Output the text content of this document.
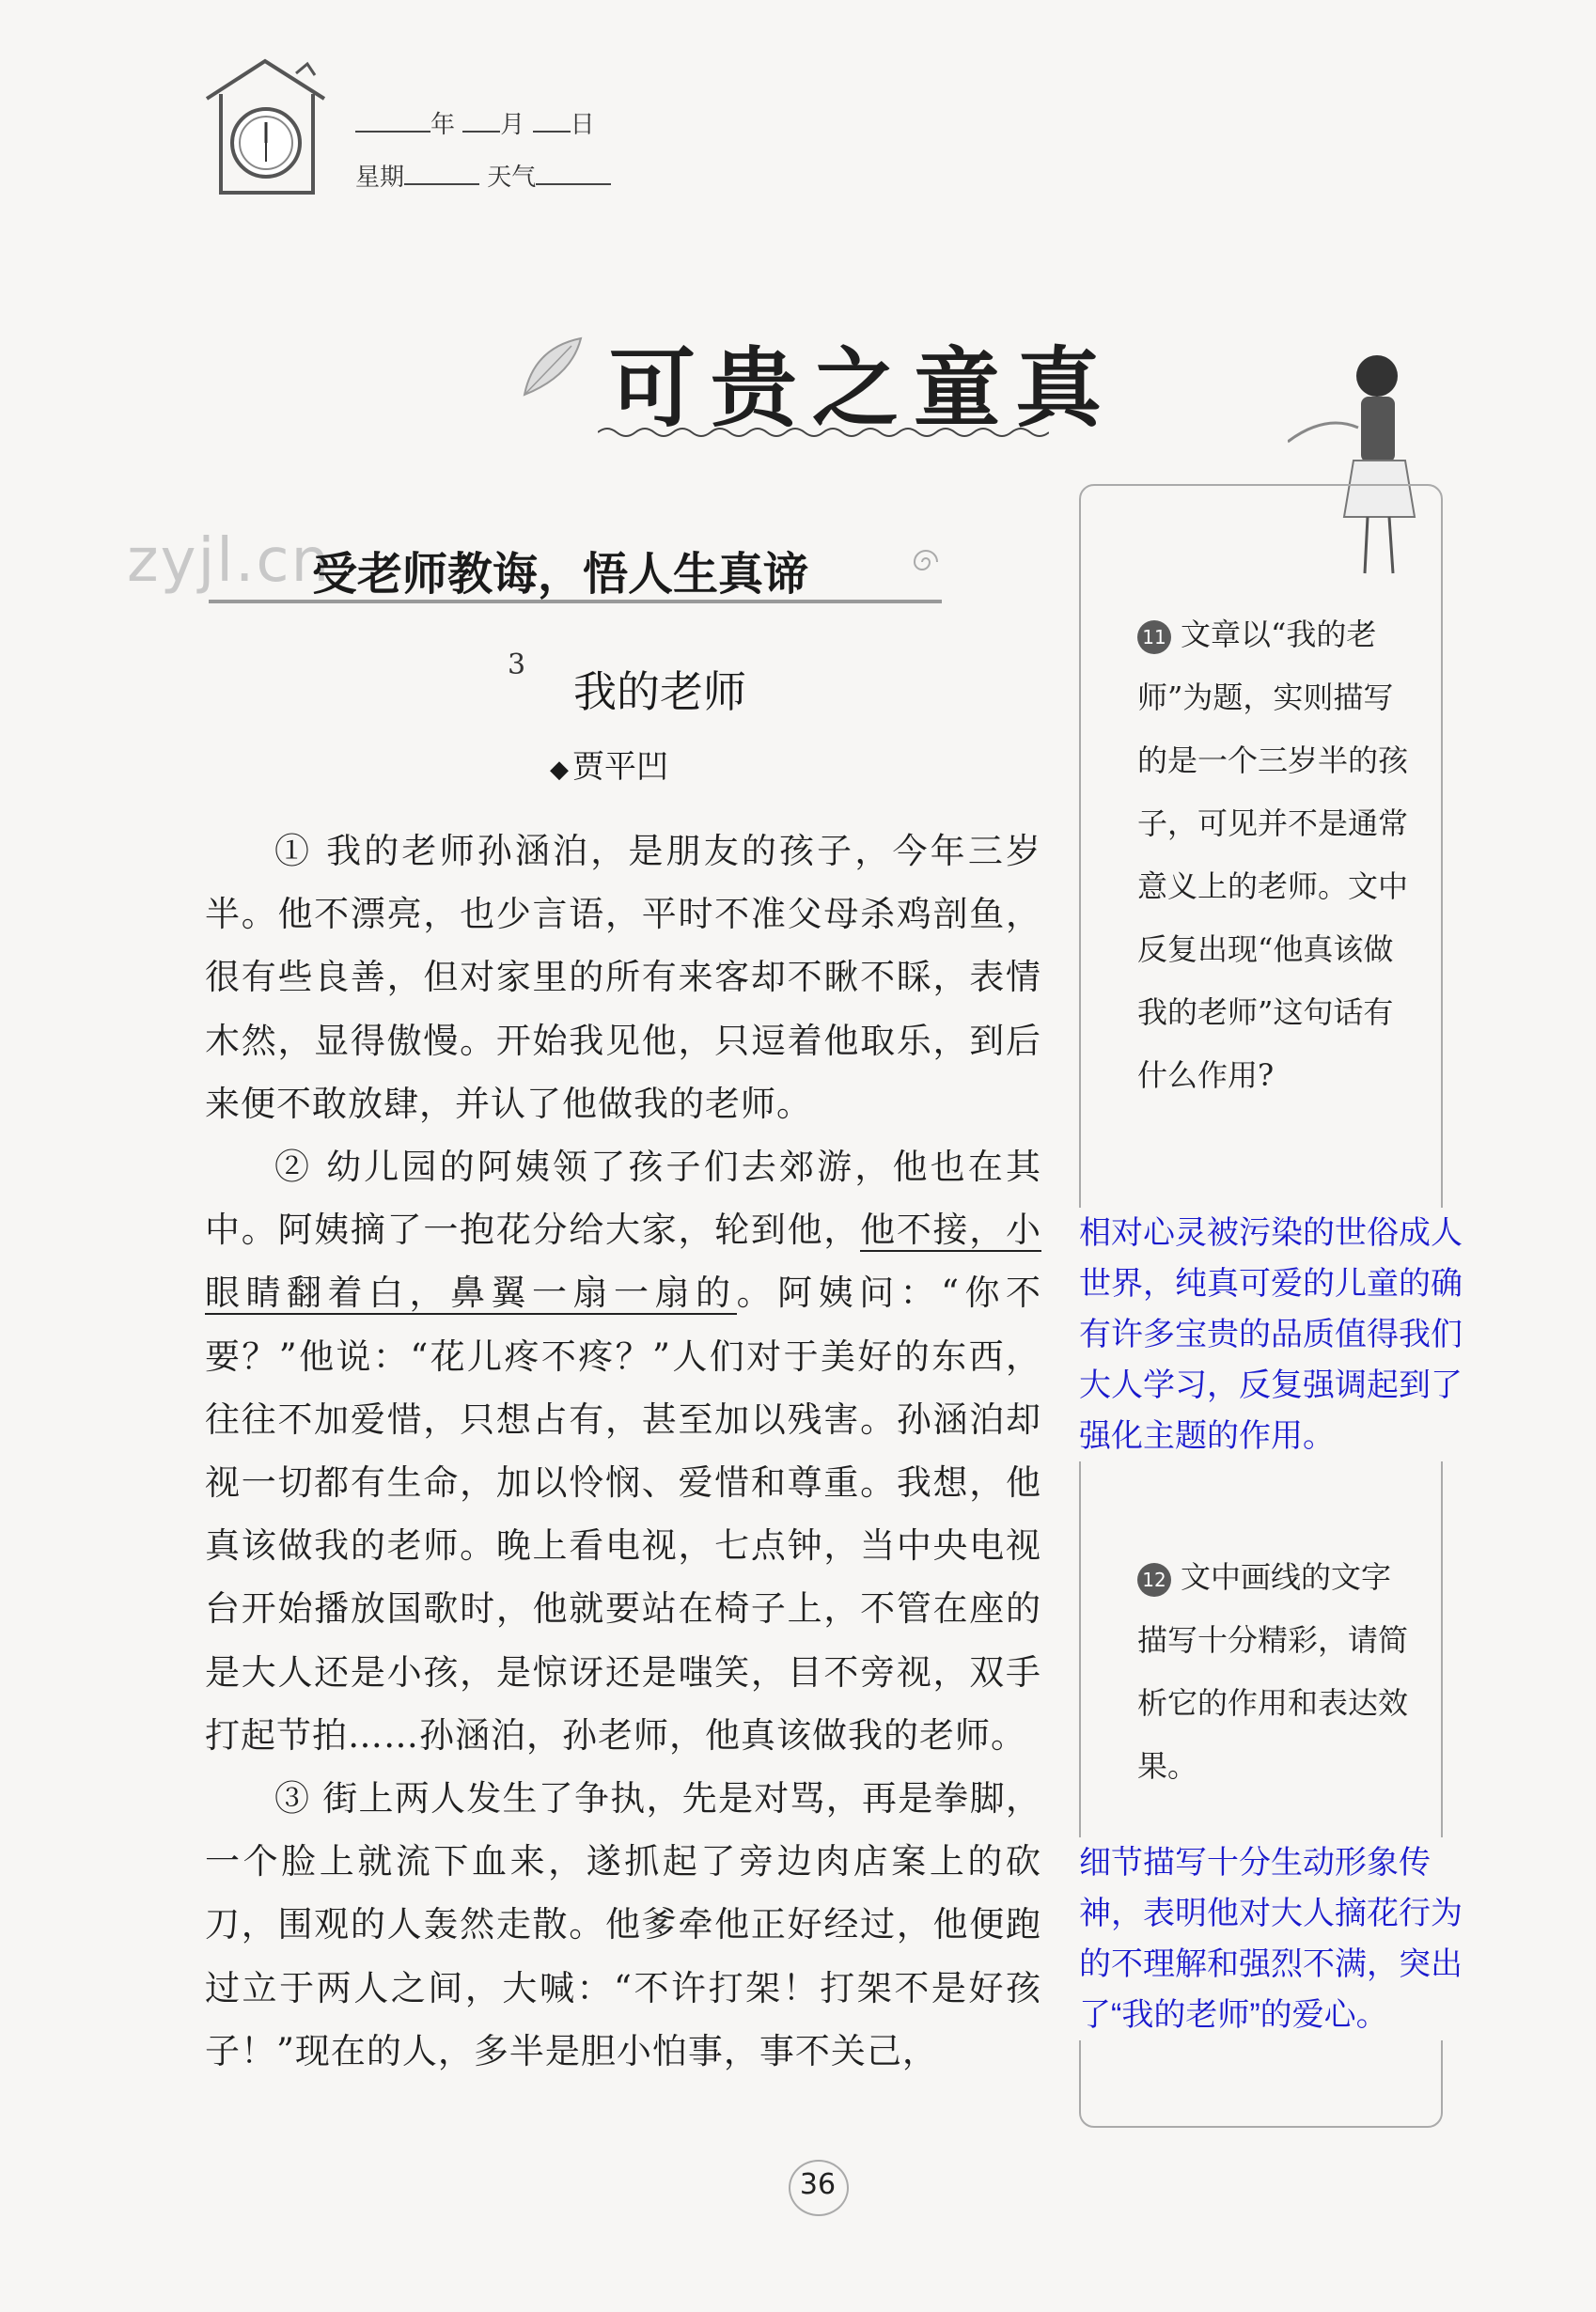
年 月 日
星期	天气
可贵之童真
zyjl.cn
受老师教诲，悟人生真谛
3
我的老师
◆ 贾平凹

① 我的老师孙涵泊，是朋友的孩子，今年三岁半。他不漂亮，也少言语，平时不准父母杀鸡剖鱼，很有些良善，但对家里的所有来客却不瞅不睬，表情木然，显得傲慢。开始我见他，只逗着他取乐，到后来便不敢放肆，并认了他做我的老师。

② 幼儿园的阿姨领了孩子们去郊游，他也在其中。阿姨摘了一抱花分给大家，轮到他，他不接，小眼睛翻着白，鼻翼一扇一扇的。阿姨问：“你不要？”他说：“花儿疼不疼？”人们对于美好的东西，往往不加爱惜，只想占有，甚至加以残害。孙涵泊却视一切都有生命，加以怜悯、爱惜和尊重。我想，他真该做我的老师。晚上看电视，七点钟，当中央电视台开始播放国歌时，他就要站在椅子上，不管在座的是大人还是小孩，是惊讶还是嗤笑，目不旁视，双手打起节拍……孙涵泊，孙老师，他真该做我的老师。

③ 街上两人发生了争执，先是对骂，再是拳脚，一个脸上就流下血来，遂抓起了旁边肉店案上的砍刀，围观的人轰然走散。他爹牵他正好经过，他便跑过立于两人之间，大喊：“不许打架！打架不是好孩子！”现在的人，多半是胆小怕事，事不关己，

11 文章以“我的老师”为题，实则描写的是一个三岁半的孩子，可见并不是通常意义上的老师。文中反复出现“他真该做我的老师”这句话有什么作用?
相对心灵被污染的世俗成人世界，纯真可爱的儿童的确有许多宝贵的品质值得我们大人学习，反复强调起到了强化主题的作用。
12 文中画线的文字描写十分精彩，请简析它的作用和表达效果。
细节描写十分生动形象传神，表明他对大人摘花行为的不理解和强烈不满，突出了“我的老师”的爱心。
36
